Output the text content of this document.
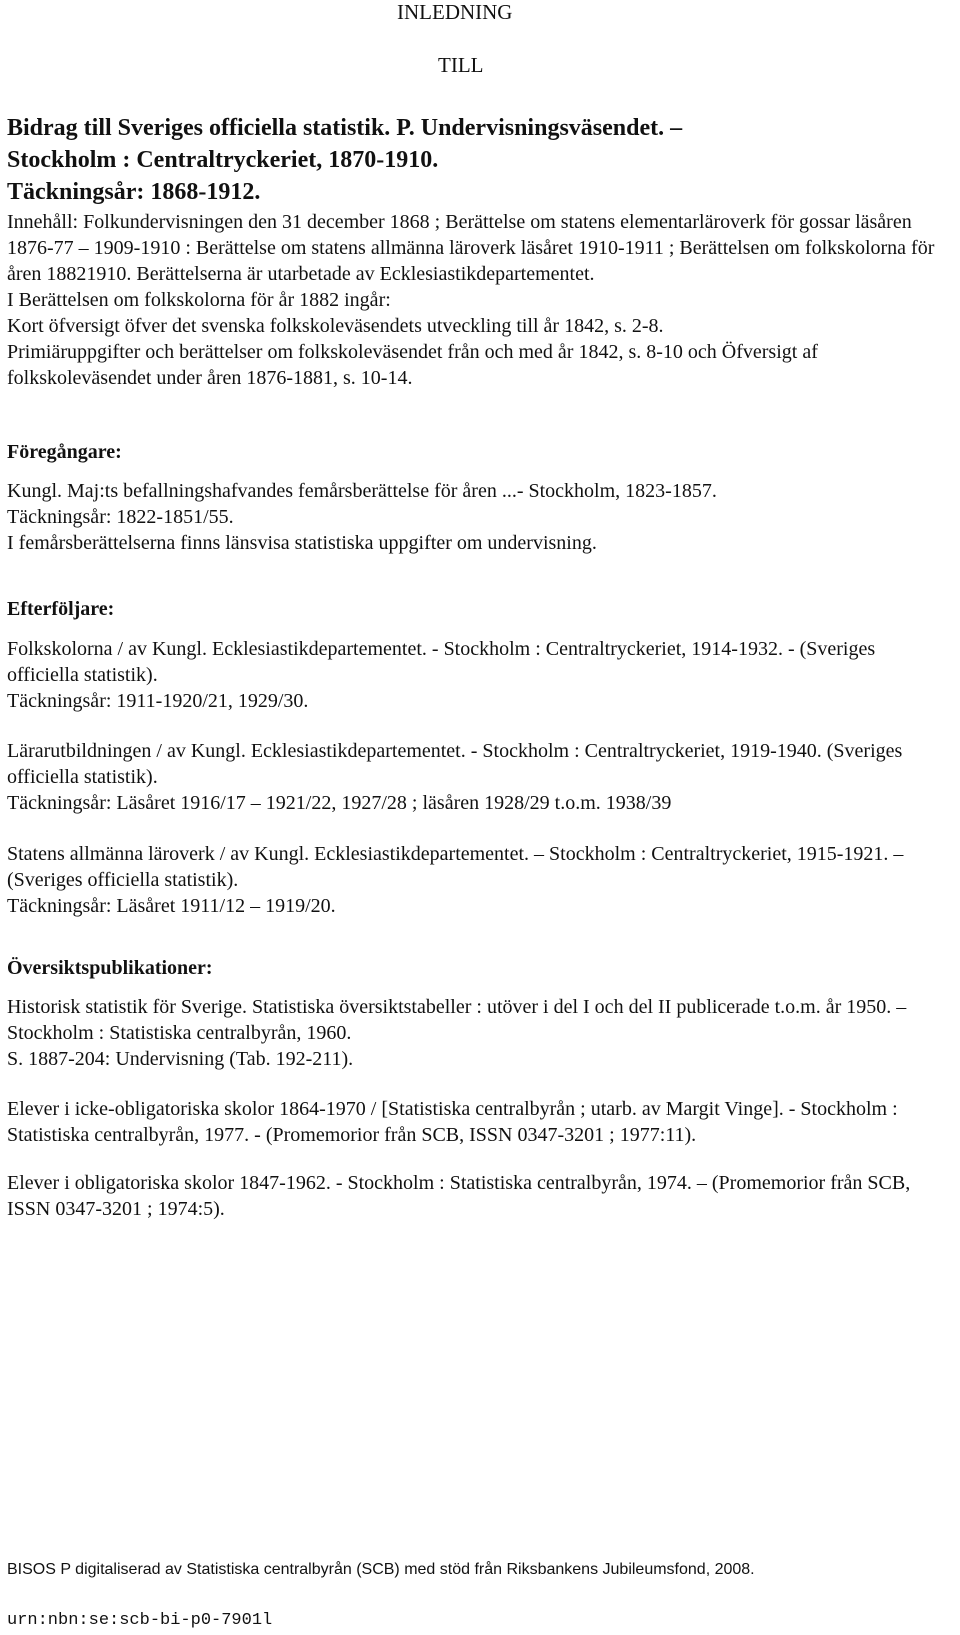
INLEDNING
TILL
Bidrag till Sveriges officiella statistik. P. Undervisningsväsendet. –
Stockholm : Centraltryckeriet, 1870-1910.
Täckningsår: 1868-1912.

Innehåll: Folkundervisningen den 31 december 1868 ; Berättelse om statens elementarläroverk för gossar läsåren 1876-77 – 1909-1910 : Berättelse om statens allmänna läroverk läsåret 1910-1911 ; Berättelsen om folkskolorna för åren 18821910. Berättelserna är utarbetade av Ecklesiastikdepartementet.

I Berättelsen om folkskolorna för år 1882 ingår:

Kort öfversigt öfver det svenska folkskoleväsendets utveckling till år 1842, s. 2-8.

Primiäruppgifter och berättelser om folkskoleväsendet från och med år 1842, s. 8-10 och Öfversigt af folkskoleväsendet under åren 1876-1881, s. 10-14.

Föregångare:

Kungl. Maj:ts befallningshafvandes femårsberättelse för åren ...- Stockholm, 1823-1857.

Täckningsår: 1822-1851/55.

I femårsberättelserna finns länsvisa statistiska uppgifter om undervisning.

Efterföljare:

Folkskolorna / av Kungl. Ecklesiastikdepartementet. - Stockholm : Centraltryckeriet, 1914-1932. - (Sveriges officiella statistik).

Täckningsår: 1911-1920/21, 1929/30.

Lärarutbildningen / av Kungl. Ecklesiastikdepartementet. - Stockholm : Centraltryckeriet, 1919-1940. (Sveriges officiella statistik).

Täckningsår: Läsåret 1916/17 – 1921/22, 1927/28 ; läsåren 1928/29 t.o.m. 1938/39

Statens allmänna läroverk / av Kungl. Ecklesiastikdepartementet. – Stockholm : Centraltryckeriet, 1915-1921. – (Sveriges officiella statistik).

Täckningsår: Läsåret 1911/12 – 1919/20.

Översiktspublikationer:

Historisk statistik för Sverige. Statistiska översiktstabeller : utöver i del I och del II publicerade t.o.m. år 1950. – Stockholm : Statistiska centralbyrån, 1960.

S. 1887-204: Undervisning (Tab. 192-211).

Elever i icke-obligatoriska skolor 1864-1970 / [Statistiska centralbyrån ; utarb. av Margit Vinge]. - Stockholm : Statistiska centralbyrån, 1977. - (Promemorior från SCB, ISSN 0347-3201 ; 1977:11).

Elever i obligatoriska skolor 1847-1962. - Stockholm : Statistiska centralbyrån, 1974. – (Promemorior från SCB, ISSN 0347-3201 ; 1974:5).

BISOS P digitaliserad av Statistiska centralbyrån (SCB) med stöd från Riksbankens Jubileumsfond, 2008.
urn:nbn:se:scb-bi-p0-7901l
